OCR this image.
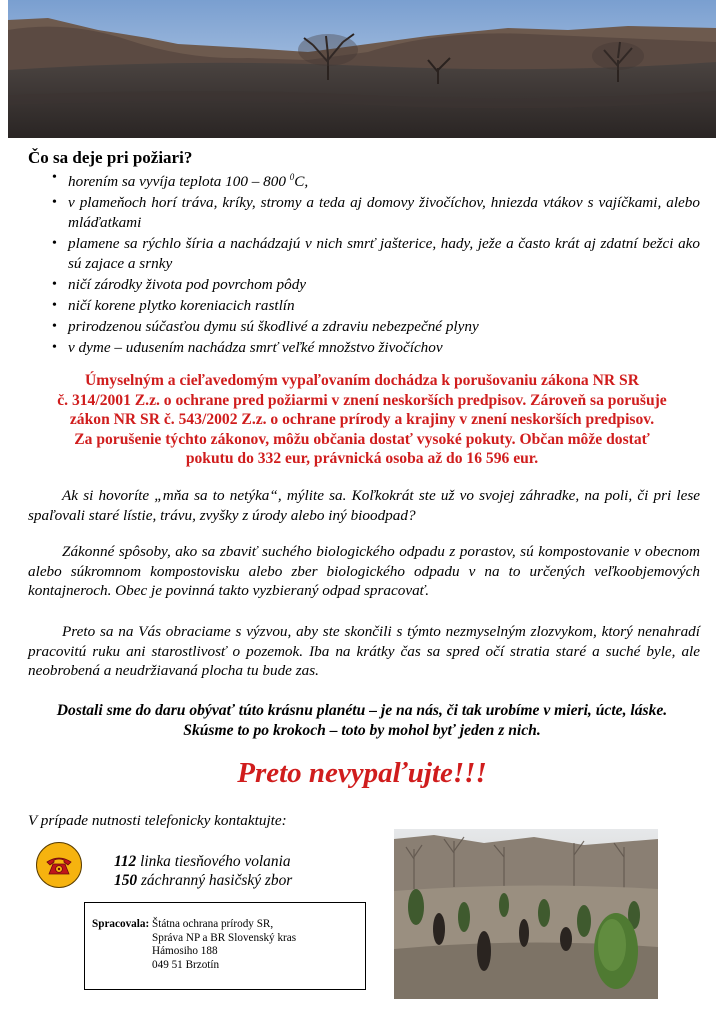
Čo sa deje pri požiari?
• horením sa vyvíja teplota 100 – 800 $^0$C,
• v plameňoch horí tráva, kríky, stromy a teda aj domovy živočíchov, hniezda vtákov s vajíčkami, alebo mláďatkami
• plamene sa rýchlo šíria a nachádzajú v nich smrť jašterice, hady, ježe a často krát aj zdatní bežci ako sú zajace a srnky
• ničí zárodky života pod povrchom pôdy
• ničí korene plytko koreniacich rastlín
• prirodzenou súčasťou dymu sú škodlivé a zdraviu nebezpečné plyny
• v dyme – udusením nachádza smrť veľké množstvo živočíchov
Úmyselným a cieľavedomým vypaľovaním dochádza k porušovaniu zákona NR SR
č. 314/2001 Z.z. o ochrane pred požiarmi v znení neskorších predpisov. Zároveň sa porušuje
zákon NR SR č. 543/2002 Z.z. o ochrane prírody a krajiny v znení neskorších predpisov.
Za porušenie týchto zákonov, môžu občania dostať vysoké pokuty. Občan môže dostať
pokutu do 332 eur, právnická osoba až do 16 596 eur.

Ak si hovoríte „mňa sa to netýka“, mýlite sa. Koľkokrát ste už vo svojej záhradke, na poli, či pri lese spaľovali staré lístie, trávu, zvyšky z úrody alebo iný bioodpad?

Zákonné spôsoby, ako sa zbaviť suchého biologického odpadu z porastov, sú kompostovanie v obecnom alebo súkromnom kompostovisku alebo zber biologického odpadu v na to určených veľkoobjemových kontajneroch. Obec je povinná takto vyzbieraný odpad spracovať.

Preto sa na Vás obraciame s výzvou, aby ste skončili s týmto nezmyselným zlozvykom, ktorý nenahradí pracovitú ruku ani starostlivosť o pozemok. Iba na krátky čas sa spred očí stratia staré a suché byle, ale neobrobená a neudržiavaná plocha tu bude zas.

Dostali sme do daru obývať túto krásnu planétu – je na nás, či tak urobíme v mieri, úcte, láske.
Skúsme to po krokoch – toto by mohol byť jeden z nich.
Preto nevypaľujte!!!
V prípade nutnosti telefonicky kontaktujte:
112 linka tiesňového volania
150 záchranný hasičský zbor
Spracovala: Štátna ochrana prírody SR,
Správa NP a BR Slovenský kras
Hámosiho 188
049 51 Brzotín
